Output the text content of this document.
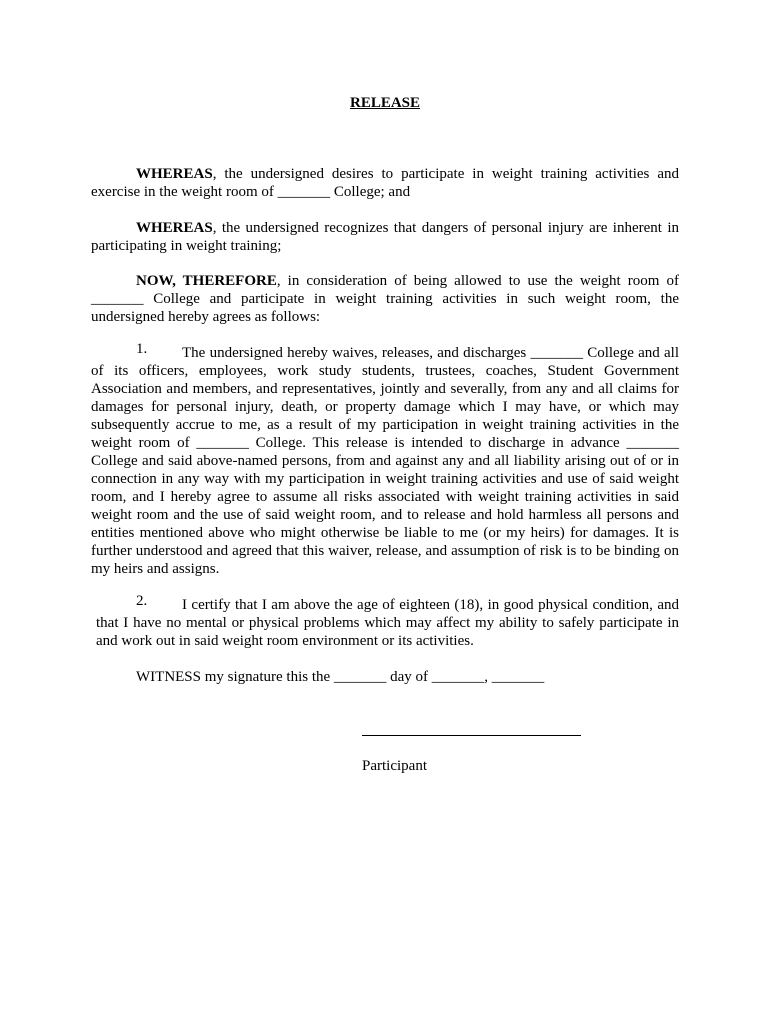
RELEASE

WHEREAS, the undersigned desires to participate in weight training activities and exercise in the weight room of _______ College; and

WHEREAS, the undersigned recognizes that dangers of personal injury are inherent in participating in weight training;

NOW, THEREFORE, in consideration of being allowed to use the weight room of _______ College and participate in weight training activities in such weight room, the undersigned hereby agrees as follows:

1. The undersigned hereby waives, releases, and discharges _______ College and all of its officers, employees, work study students, trustees, coaches, Student Government Association and members, and representatives, jointly and severally, from any and all claims for damages for personal injury, death, or property damage which I may have, or which may subsequently accrue to me, as a result of my participation in weight training activities in the weight room of _______ College. This release is intended to discharge in advance _______ College and said above-named persons, from and against any and all liability arising out of or in connection in any way with my participation in weight training activities and use of said weight room, and I hereby agree to assume all risks associated with weight training activities in said weight room and the use of said weight room, and to release and hold harmless all persons and entities mentioned above who might otherwise be liable to me (or my heirs) for damages. It is further understood and agreed that this waiver, release, and assumption of risk is to be binding on my heirs and assigns.

2. I certify that I am above the age of eighteen (18), in good physical condition, and that I have no mental or physical problems which may affect my ability to safely participate in and work out in said weight room environment or its activities.

WITNESS my signature this the _______ day of _______, _______
Participant
